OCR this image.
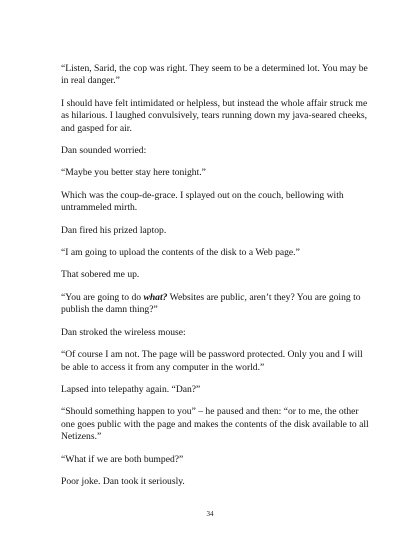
“Listen, Sarid, the cop was right. They seem to be a determined lot. You may be in real danger.”

I should have felt intimidated or helpless, but instead the whole affair struck me as hilarious. I laughed convulsively, tears running down my java-seared cheeks, and gasped for air.

Dan sounded worried:

“Maybe you better stay here tonight.”

Which was the coup-de-grace. I splayed out on the couch, bellowing with untrammeled mirth.

Dan fired his prized laptop.

“I am going to upload the contents of the disk to a Web page.”

That sobered me up.

“You are going to do what? Websites are public, aren’t they? You are going to publish the damn thing?”

Dan stroked the wireless mouse:

“Of course I am not. The page will be password protected. Only you and I will be able to access it from any computer in the world.”

Lapsed into telepathy again. “Dan?”

“Should something happen to you” – he paused and then: “or to me, the other one goes public with the page and makes the contents of the disk available to all Netizens.”

“What if we are both bumped?”

Poor joke. Dan took it seriously.

34
